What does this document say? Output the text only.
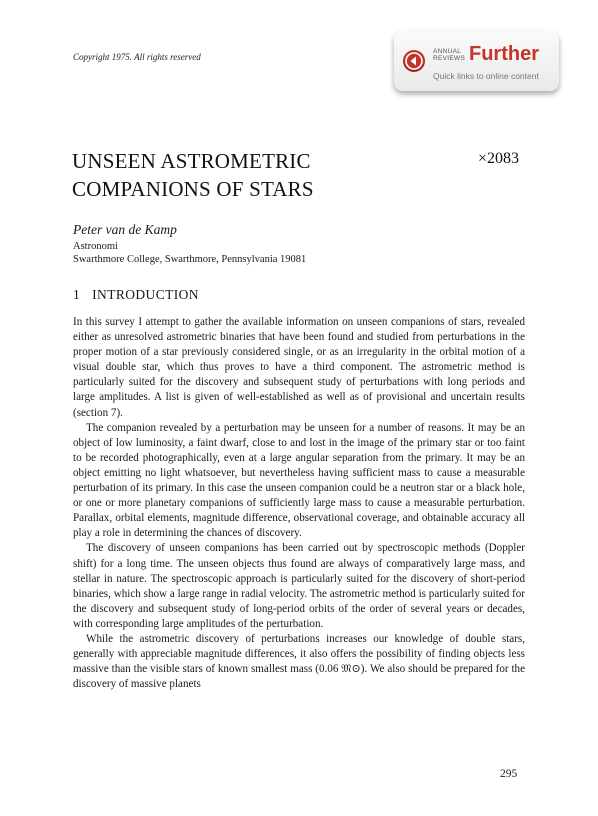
Copyright 1975. All rights reserved
ANNUAL
REVIEWS Further
Quick links to online content
UNSEEN ASTROMETRIC
COMPANIONS OF STARS
×2083
Peter van de Kamp
Astronomi
Swarthmore College, Swarthmore, Pennsylvania 19081
1 INTRODUCTION

In this survey I attempt to gather the available information on unseen companions of stars, revealed either as unresolved astrometric binaries that have been found and studied from perturbations in the proper motion of a star previously considered single, or as an irregularity in the orbital motion of a visual double star, which thus proves to have a third component. The astrometric method is particularly suited for the discovery and subsequent study of perturbations with long periods and large amplitudes. A list is given of well-established as well as of provisional and uncertain results (section 7).

The companion revealed by a perturbation may be unseen for a number of reasons. It may be an object of low luminosity, a faint dwarf, close to and lost in the image of the primary star or too faint to be recorded photographically, even at a large angular separation from the primary. It may be an object emitting no light whatsoever, but nevertheless having sufficient mass to cause a measurable perturbation of its primary. In this case the unseen companion could be a neutron star or a black hole, or one or more planetary companions of sufficiently large mass to cause a measurable perturbation. Parallax, orbital elements, magnitude difference, observational coverage, and obtainable accuracy all play a role in determining the chances of discovery.

The discovery of unseen companions has been carried out by spectroscopic methods (Doppler shift) for a long time. The unseen objects thus found are always of comparatively large mass, and stellar in nature. The spectroscopic approach is particularly suited for the discovery of short-period binaries, which show a large range in radial velocity. The astrometric method is particularly suited for the discovery and subsequent study of long-period orbits of the order of several years or decades, with corresponding large amplitudes of the perturbation.

While the astrometric discovery of perturbations increases our knowledge of double stars, generally with appreciable magnitude differences, it also offers the possibility of finding objects less massive than the visible stars of known smallest mass (0.06 𝔐⊙). We also should be prepared for the discovery of massive planets

295
